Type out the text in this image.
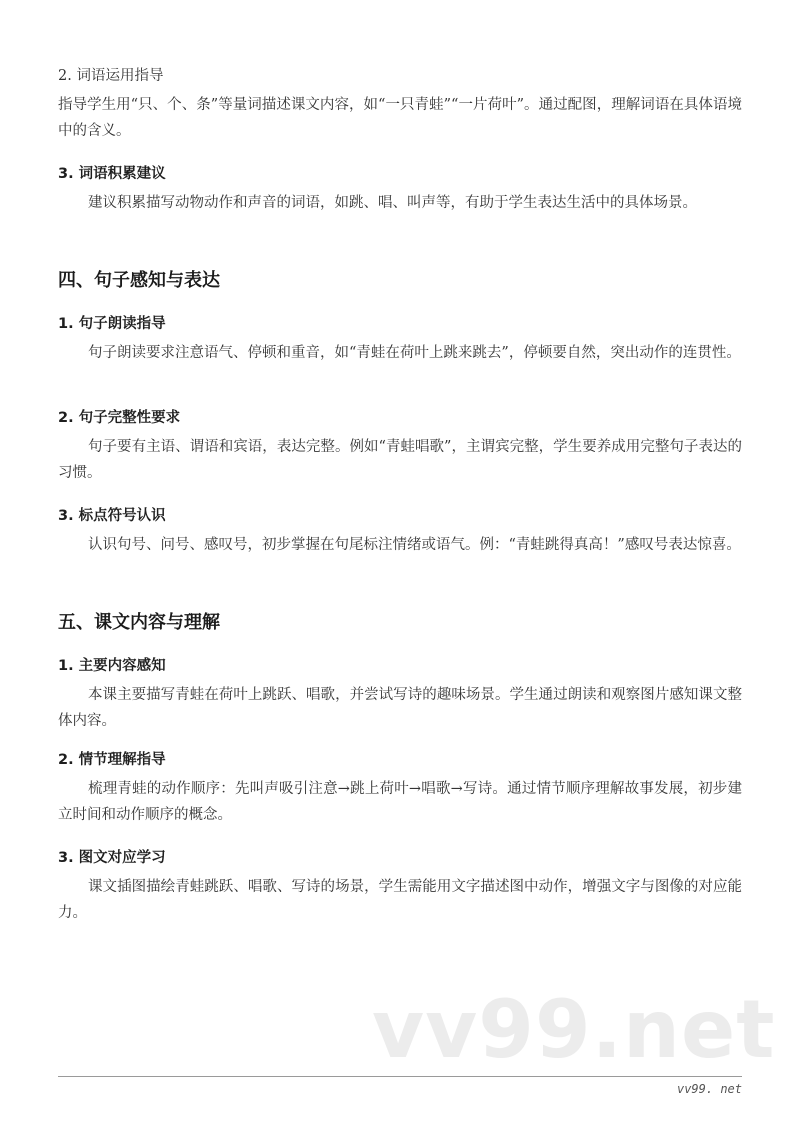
vv99.net
2. 词语运用指导

指导学生用“只、个、条”等量词描述课文内容，如“一只青蛙”“一片荷叶”。通过配图，理解词语在具体语境中的含义。

3. 词语积累建议

建议积累描写动物动作和声音的词语，如跳、唱、叫声等，有助于学生表达生活中的具体场景。

四、句子感知与表达
1. 句子朗读指导

句子朗读要求注意语气、停顿和重音，如“青蛙在荷叶上跳来跳去”，停顿要自然，突出动作的连贯性。

2. 句子完整性要求

句子要有主语、谓语和宾语，表达完整。例如“青蛙唱歌”，主谓宾完整，学生要养成用完整句子表达的习惯。

3. 标点符号认识

认识句号、问号、感叹号，初步掌握在句尾标注情绪或语气。例：“青蛙跳得真高！”感叹号表达惊喜。

五、课文内容与理解
1. 主要内容感知

本课主要描写青蛙在荷叶上跳跃、唱歌，并尝试写诗的趣味场景。学生通过朗读和观察图片感知课文整体内容。

2. 情节理解指导

梳理青蛙的动作顺序：先叫声吸引注意→跳上荷叶→唱歌→写诗。通过情节顺序理解故事发展，初步建立时间和动作顺序的概念。

3. 图文对应学习

课文插图描绘青蛙跳跃、唱歌、写诗的场景，学生需能用文字描述图中动作，增强文字与图像的对应能力。

vv99. net
